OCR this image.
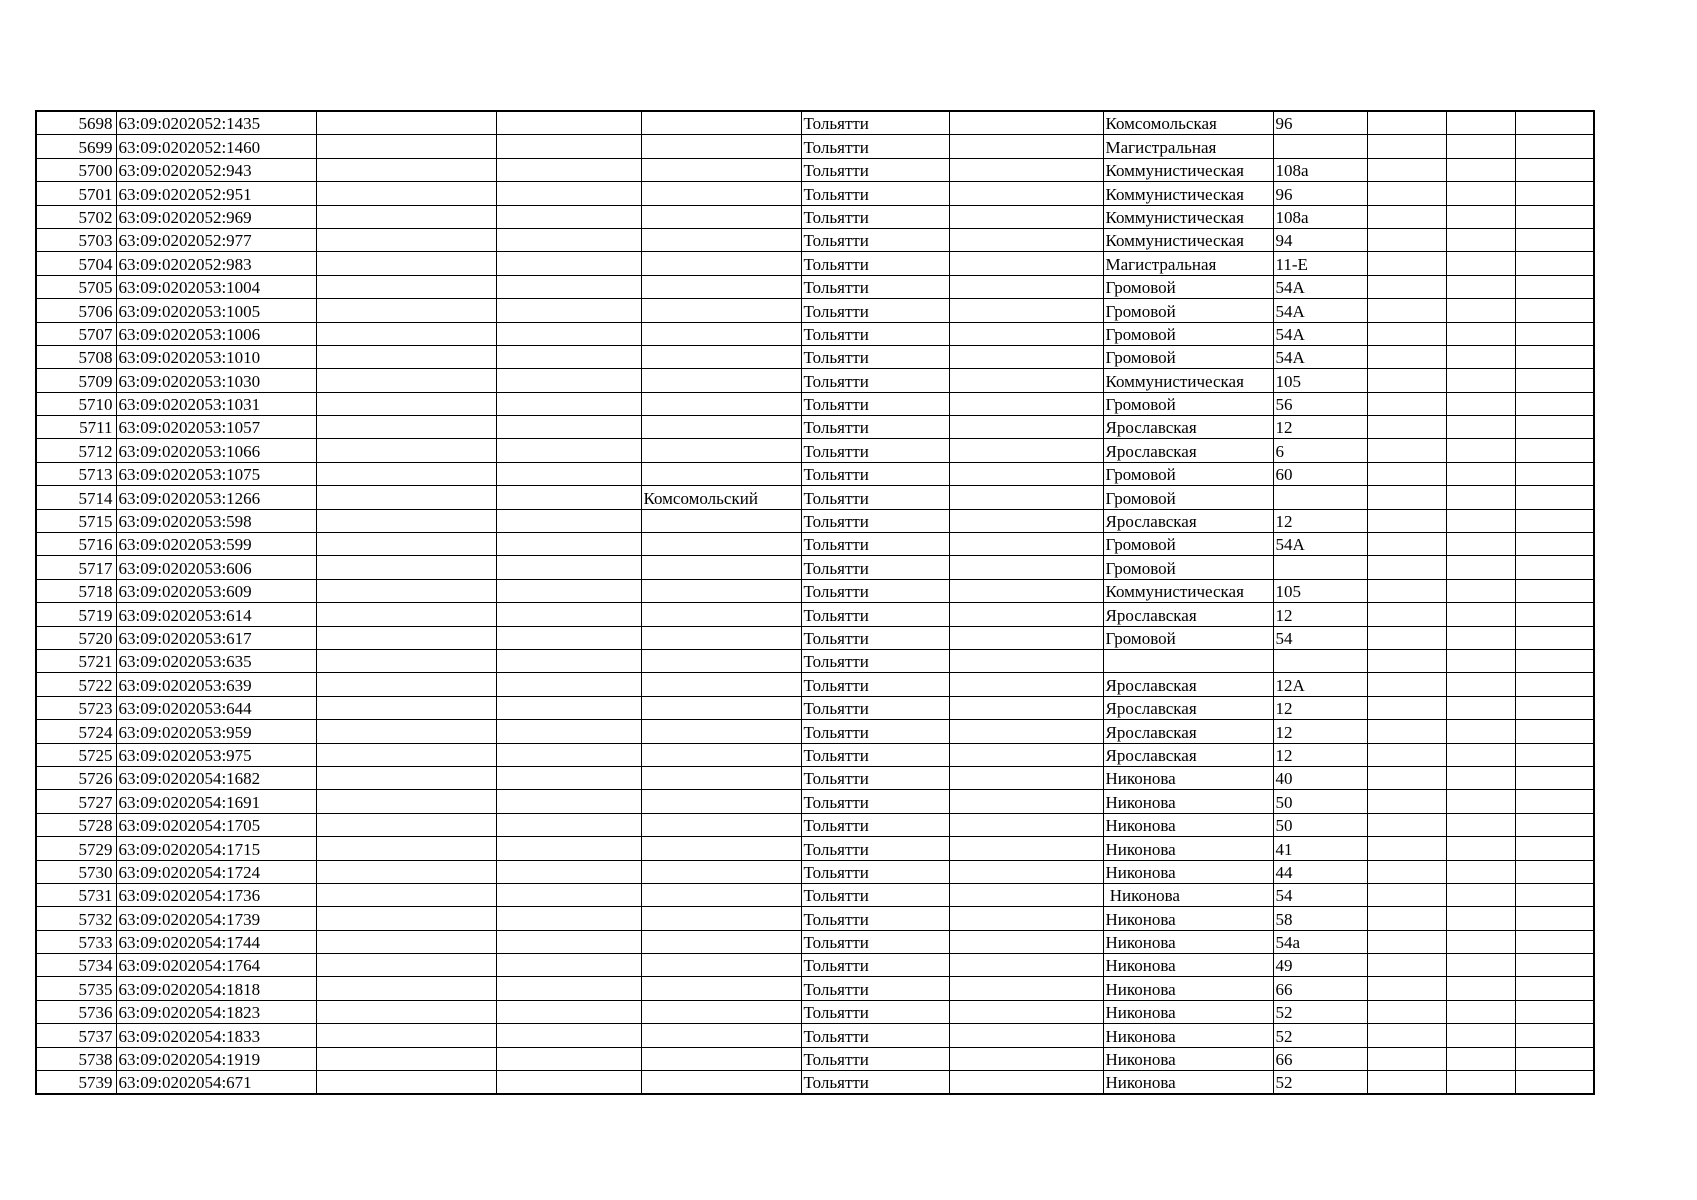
5698	63:09:0202052:1435				Тольятти		Комсомольская	96			
5699	63:09:0202052:1460				Тольятти		Магистральная				
5700	63:09:0202052:943				Тольятти		Коммунистическая	108а			
5701	63:09:0202052:951				Тольятти		Коммунистическая	96			
5702	63:09:0202052:969				Тольятти		Коммунистическая	108а			
5703	63:09:0202052:977				Тольятти		Коммунистическая	94			
5704	63:09:0202052:983				Тольятти		Магистральная	11-Е			
5705	63:09:0202053:1004				Тольятти		Громовой	54А			
5706	63:09:0202053:1005				Тольятти		Громовой	54А			
5707	63:09:0202053:1006				Тольятти		Громовой	54А			
5708	63:09:0202053:1010				Тольятти		Громовой	54А			
5709	63:09:0202053:1030				Тольятти		Коммунистическая	105			
5710	63:09:0202053:1031				Тольятти		Громовой	56			
5711	63:09:0202053:1057				Тольятти		Ярославская	12			
5712	63:09:0202053:1066				Тольятти		Ярославская	6			
5713	63:09:0202053:1075				Тольятти		Громовой	60			
5714	63:09:0202053:1266			Комсомольский	Тольятти		Громовой				
5715	63:09:0202053:598				Тольятти		Ярославская	12			
5716	63:09:0202053:599				Тольятти		Громовой	54А			
5717	63:09:0202053:606				Тольятти		Громовой				
5718	63:09:0202053:609				Тольятти		Коммунистическая	105			
5719	63:09:0202053:614				Тольятти		Ярославская	12			
5720	63:09:0202053:617				Тольятти		Громовой	54			
5721	63:09:0202053:635				Тольятти						
5722	63:09:0202053:639				Тольятти		Ярославская	12А			
5723	63:09:0202053:644				Тольятти		Ярославская	12			
5724	63:09:0202053:959				Тольятти		Ярославская	12			
5725	63:09:0202053:975				Тольятти		Ярославская	12			
5726	63:09:0202054:1682				Тольятти		Никонова	40			
5727	63:09:0202054:1691				Тольятти		Никонова	50			
5728	63:09:0202054:1705				Тольятти		Никонова	50			
5729	63:09:0202054:1715				Тольятти		Никонова	41			
5730	63:09:0202054:1724				Тольятти		Никонова	44			
5731	63:09:0202054:1736				Тольятти		Никонова	54			
5732	63:09:0202054:1739				Тольятти		Никонова	58			
5733	63:09:0202054:1744				Тольятти		Никонова	54а			
5734	63:09:0202054:1764				Тольятти		Никонова	49			
5735	63:09:0202054:1818				Тольятти		Никонова	66			
5736	63:09:0202054:1823				Тольятти		Никонова	52			
5737	63:09:0202054:1833				Тольятти		Никонова	52			
5738	63:09:0202054:1919				Тольятти		Никонова	66			
5739	63:09:0202054:671				Тольятти		Никонова	52			
